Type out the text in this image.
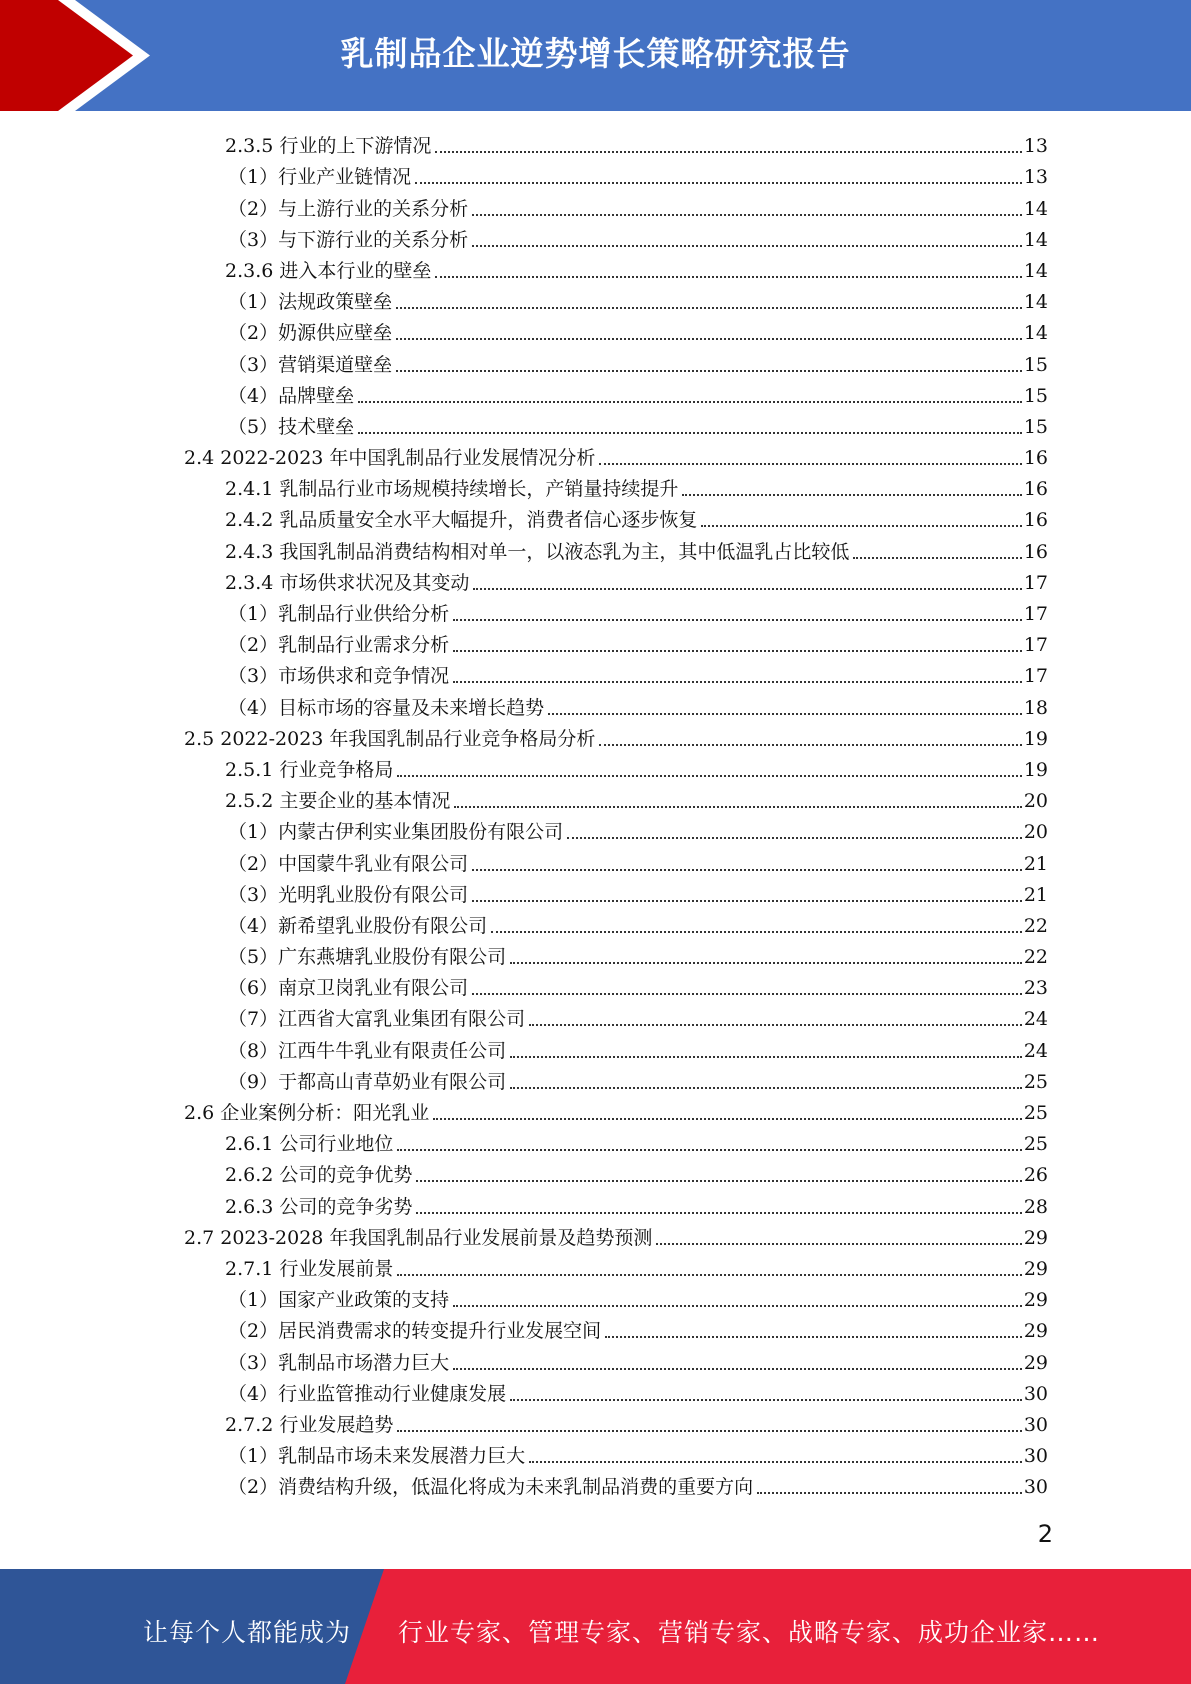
乳制品企业逆势增长策略研究报告
2.3.5 行业的上下游情况	13
（1）行业产业链情况	13
（2）与上游行业的关系分析	14
（3）与下游行业的关系分析	14
2.3.6 进入本行业的壁垒	14
（1）法规政策壁垒	14
（2）奶源供应壁垒	14
（3）营销渠道壁垒	15
（4）品牌壁垒	15
（5）技术壁垒	15
2.4 2022-2023 年中国乳制品行业发展情况分析	16
2.4.1 乳制品行业市场规模持续增长，产销量持续提升	16
2.4.2 乳品质量安全水平大幅提升，消费者信心逐步恢复	16
2.4.3 我国乳制品消费结构相对单一，以液态乳为主，其中低温乳占比较低	16
2.3.4 市场供求状况及其变动	17
（1）乳制品行业供给分析	17
（2）乳制品行业需求分析	17
（3）市场供求和竞争情况	17
（4）目标市场的容量及未来增长趋势	18
2.5 2022-2023 年我国乳制品行业竞争格局分析	19
2.5.1 行业竞争格局	19
2.5.2 主要企业的基本情况	20
（1）内蒙古伊利实业集团股份有限公司	20
（2）中国蒙牛乳业有限公司	21
（3）光明乳业股份有限公司	21
（4）新希望乳业股份有限公司	22
（5）广东燕塘乳业股份有限公司	22
（6）南京卫岗乳业有限公司	23
（7）江西省大富乳业集团有限公司	24
（8）江西牛牛乳业有限责任公司	24
（9）于都高山青草奶业有限公司	25
2.6 企业案例分析：阳光乳业	25
2.6.1 公司行业地位	25
2.6.2 公司的竞争优势	26
2.6.3 公司的竞争劣势	28
2.7 2023-2028 年我国乳制品行业发展前景及趋势预测	29
2.7.1 行业发展前景	29
（1）国家产业政策的支持	29
（2）居民消费需求的转变提升行业发展空间	29
（3）乳制品市场潜力巨大	29
（4）行业监管推动行业健康发展	30
2.7.2 行业发展趋势	30
（1）乳制品市场未来发展潜力巨大	30
（2）消费结构升级，低温化将成为未来乳制品消费的重要方向	30
2
让每个人都能成为 行业专家、管理专家、营销专家、战略专家、成功企业家……
